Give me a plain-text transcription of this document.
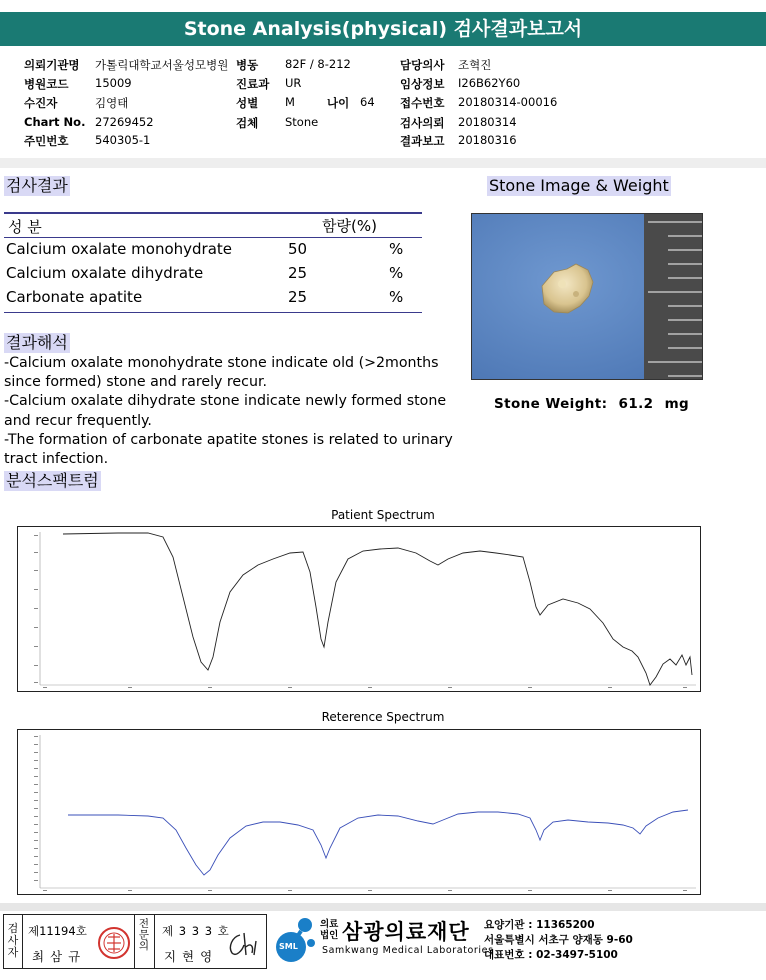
Stone Analysis(physical) 검사결과보고서
의뢰기관명 가톨릭대학교서울성모병원 병동 82F / 8-212	담당의사 조혁진
병원코드 15009	진료과 UR	임상정보 I26B62Y60
수진자	김영태	성별 M	나이 64 접수번호 20180314-00016
Chart No. 27269452	검체 Stone	검사의뢰 20180314
주민번호 540305-1	결과보고 20180316
검사결과
성 분	함량(%)
Calcium oxalate monohydrate	50	%
Calcium oxalate dihydrate	25	%
Carbonate apatite	25	%
결과해석

-Calcium oxalate monohydrate stone indicate old (>2months since formed) stone and rarely recur.

-Calcium oxalate dihydrate stone indicate newly formed stone and recur frequently.

-The formation of carbonate apatite stones is related to urinary tract infection.

Stone Image & Weight
Stone Weight: 61.2 mg
분석스팩트럼
Patient Spectrum
Reterence Spectrum
검사자
제11194호
최 삼 규
전문의
제 3 3 3 호
지 현 영
SML
의료
법인 삼광의료재단
Samkwang Medical Laboratories
요양기관 : 11365200
서울특별시 서초구 양재동 9-60
대표번호 : 02-3497-5100
